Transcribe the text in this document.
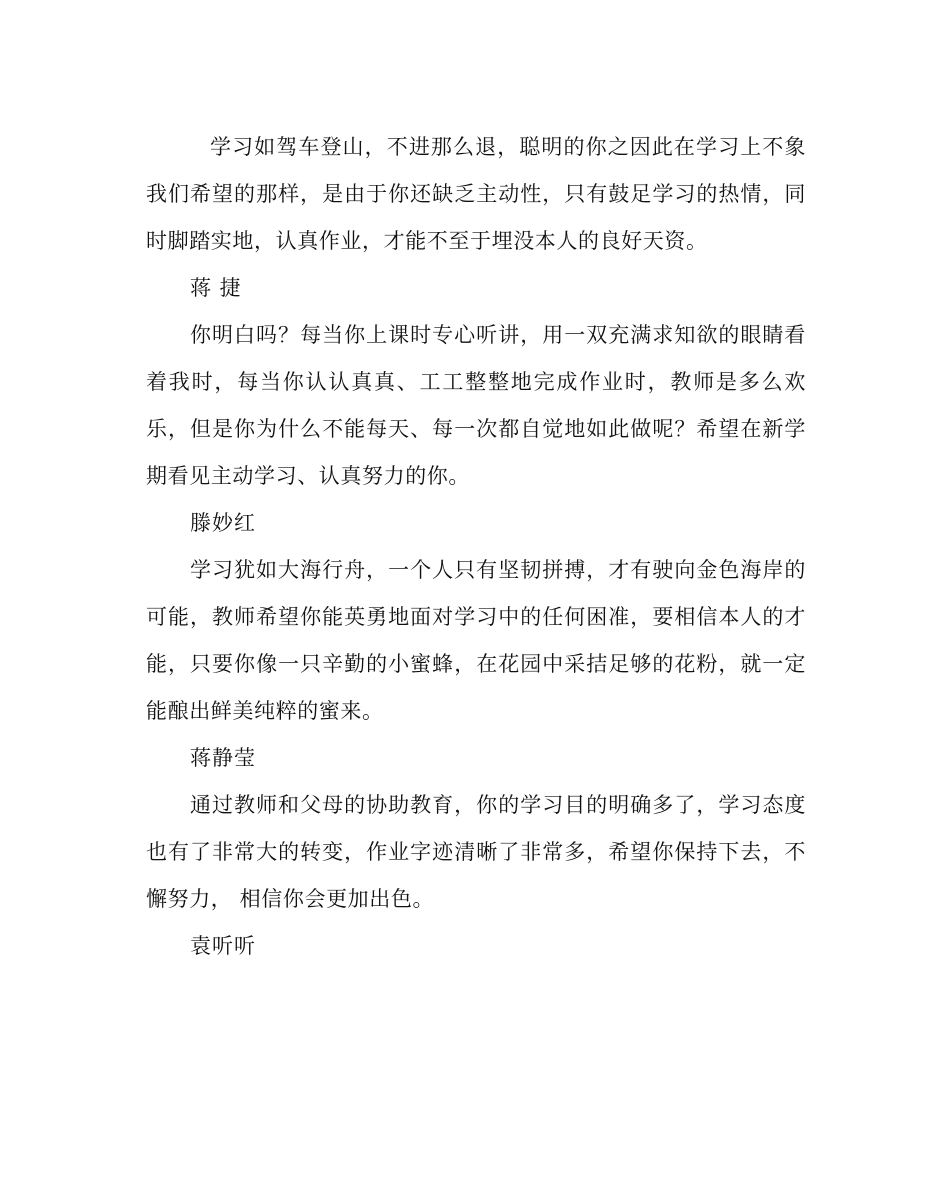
学习如驾车登山，不进那么退，聪明的你之因此在学习上不象我们希望的那样，是由于你还缺乏主动性，只有鼓足学习的热情，同时脚踏实地，认真作业，才能不至于埋没本人的良好天资。

蒋 捷

你明白吗？每当你上课时专心听讲，用一双充满求知欲的眼睛看着我时，每当你认认真真、工工整整地完成作业时，教师是多么欢乐，但是你为什么不能每天、每一次都自觉地如此做呢？希望在新学期看见主动学习、认真努力的你。

滕妙红

学习犹如大海行舟，一个人只有坚韧拼搏，才有驶向金色海岸的可能，教师希望你能英勇地面对学习中的任何困准，要相信本人的才能，只要你像一只辛勤的小蜜蜂，在花园中采拮足够的花粉，就一定能酿出鲜美纯粹的蜜来。

蒋静莹

通过教师和父母的协助教育，你的学习目的明确多了，学习态度也有了非常大的转变，作业字迹清晰了非常多，希望你保持下去，不懈努力， 相信你会更加出色。

袁听听
